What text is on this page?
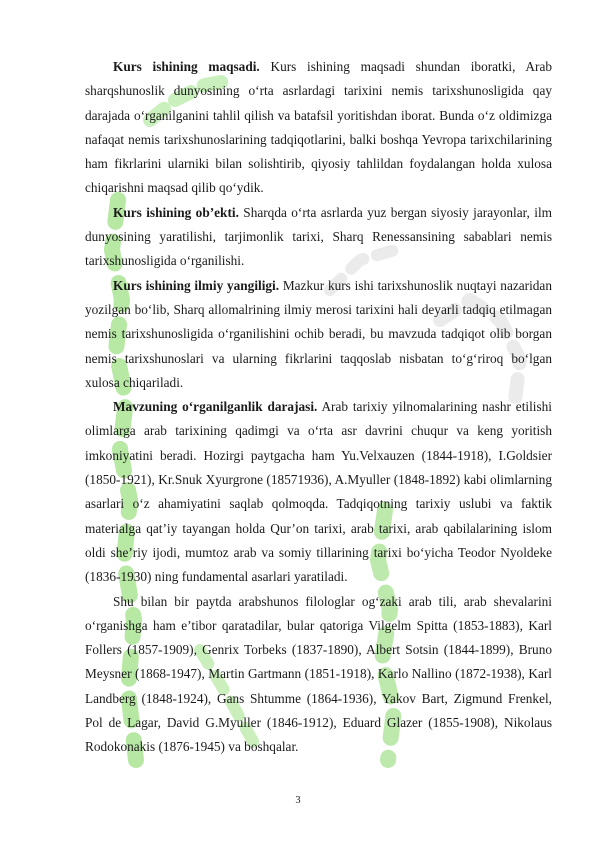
Kurs ishining maqsadi. Kurs ishining maqsadi shundan iboratki, Arab sharqshunoslik dunyosining o‘rta asrlardagi tarixini nemis tarixshunosligida qay darajada o‘rganilganini tahlil qilish va batafsil yoritishdan iborat. Bunda o‘z oldimizga nafaqat nemis tarixshunoslarining tadqiqotlarini, balki boshqa Yevropa tarixchilarining ham fikrlarini ularniki bilan solishtirib, qiyosiy tahlildan foydalangan holda xulosa chiqarishni maqsad qilib qo‘ydik.

Kurs ishining ob’ekti. Sharqda o‘rta asrlarda yuz bergan siyosiy jarayonlar, ilm dunyosining yaratilishi, tarjimonlik tarixi, Sharq Renessansining sabablari nemis tarixshunosligida o‘rganilishi.

Kurs ishining ilmiy yangiligi. Mazkur kurs ishi tarixshunoslik nuqtayi nazaridan yozilgan bo‘lib, Sharq allomalrining ilmiy merosi tarixini hali deyarli tadqiq etilmagan nemis tarixshunosligida o‘rganilishini ochib beradi, bu mavzuda tadqiqot olib borgan nemis tarixshunoslari va ularning fikrlarini taqqoslab nisbatan to‘g‘riroq bo‘lgan xulosa chiqariladi.

Mavzuning o‘rganilganlik darajasi. Arab tarixiy yilnomalarining nashr etilishi olimlarga arab tarixining qadimgi va o‘rta asr davrini chuqur va keng yoritish imkoniyatini beradi. Hozirgi paytgacha ham Yu.Velxauzen (1844-1918), I.Goldsier (1850-1921), Kr.Snuk Xyurgrone (18571936), A.Myuller (1848-1892) kabi olimlarning asarlari o‘z ahamiyatini saqlab qolmoqda. Tadqiqotning tarixiy uslubi va faktik materialga qat’iy tayangan holda Qur’on tarixi, arab tarixi, arab qabilalarining islom oldi she’riy ijodi, mumtoz arab va somiy tillarining tarixi bo‘yicha Teodor Nyoldeke (1836-1930) ning fundamental asarlari yaratiladi.

Shu bilan bir paytda arabshunos filologlar og‘zaki arab tili, arab shevalarini o‘rganishga ham e’tibor qaratadilar, bular qatoriga Vilgelm Spitta (1853-1883), Karl Follers (1857-1909), Genrix Torbeks (1837-1890), Albert Sotsin (1844-1899), Bruno Meysner (1868-1947), Martin Gartmann (1851-1918), Karlo Nallino (1872-1938), Karl Landberg (1848-1924), Gans Shtumme (1864-1936), Yakov Bart, Zigmund Frenkel, Pol de Lagar, David G.Myuller (1846-1912), Eduard Glazer (1855-1908), Nikolaus Rodokonakis (1876-1945) va boshqalar.

3
